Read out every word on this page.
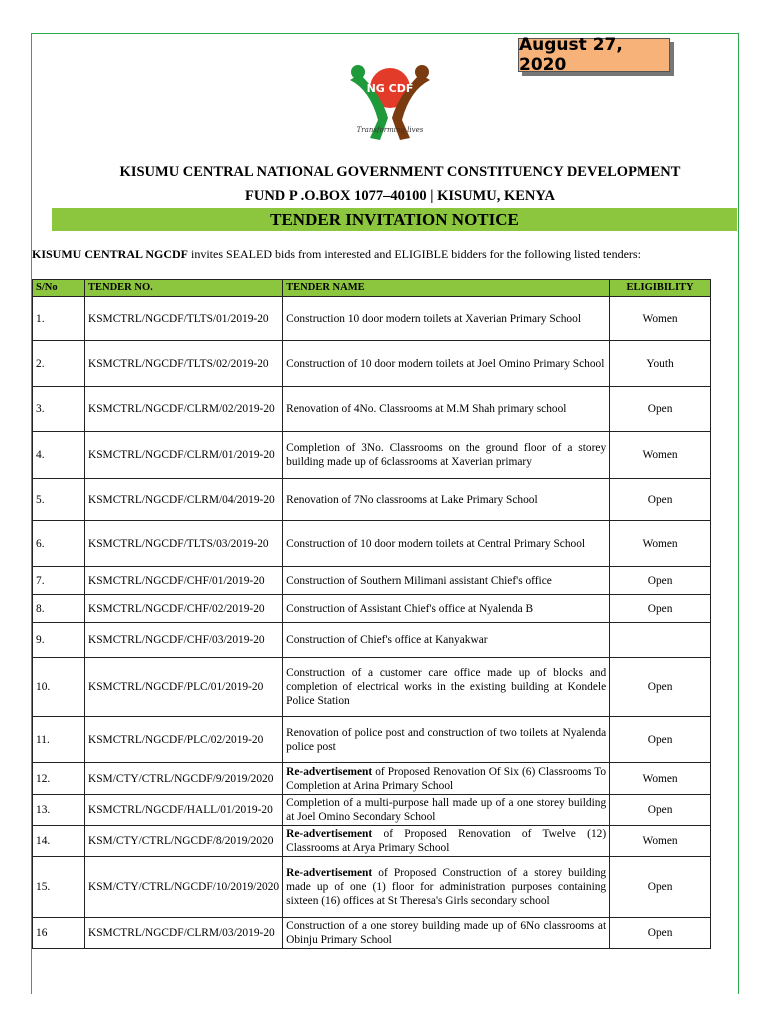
August 27, 2020
NG CDF
Transforming lives
KISUMU CENTRAL NATIONAL GOVERNMENT CONSTITUENCY DEVELOPMENT
FUND P .O.BOX 1077–40100 | KISUMU, KENYA
TENDER INVITATION NOTICE
KISUMU CENTRAL NGCDF invites SEALED bids from interested and ELIGIBLE bidders for the following listed tenders:
S/No	TENDER NO.	TENDER NAME	ELIGIBILITY
1.	KSMCTRL/NGCDF/TLTS/01/2019-20	Construction 10 door modern toilets at Xaverian Primary School	Women
2.	KSMCTRL/NGCDF/TLTS/02/2019-20	Construction of 10 door modern toilets at Joel Omino Primary School	Youth
3.	KSMCTRL/NGCDF/CLRM/02/2019-20	Renovation of 4No. Classrooms at M.M Shah primary school	Open
4.	KSMCTRL/NGCDF/CLRM/01/2019-20	Completion of 3No. Classrooms on the ground floor of a storey building made up of 6classrooms at Xaverian primary	Women
5.	KSMCTRL/NGCDF/CLRM/04/2019-20	Renovation of 7No classrooms at Lake Primary School	Open
6.	KSMCTRL/NGCDF/TLTS/03/2019-20	Construction of 10 door modern toilets at Central Primary School	Women
7.	KSMCTRL/NGCDF/CHF/01/2019-20	Construction of Southern Milimani assistant Chief's office	Open
8.	KSMCTRL/NGCDF/CHF/02/2019-20	Construction of Assistant Chief's office at Nyalenda B	Open
9.	KSMCTRL/NGCDF/CHF/03/2019-20	Construction of Chief's office at Kanyakwar	
10.	KSMCTRL/NGCDF/PLC/01/2019-20	Construction of a customer care office made up of blocks and completion of electrical works in the existing building at Kondele Police Station	Open
11.	KSMCTRL/NGCDF/PLC/02/2019-20	Renovation of police post and construction of two toilets at Nyalenda police post	Open
12.	KSM/CTY/CTRL/NGCDF/9/2019/2020	Re-advertisement of Proposed Renovation Of Six (6) Classrooms To Completion at Arina Primary School	Women
13.	KSMCTRL/NGCDF/HALL/01/2019-20	Completion of a multi-purpose hall made up of a one storey building at Joel Omino Secondary School	Open
14.	KSM/CTY/CTRL/NGCDF/8/2019/2020	Re-advertisement of Proposed Renovation of Twelve (12) Classrooms at Arya Primary School	Women
15.	KSM/CTY/CTRL/NGCDF/10/2019/2020	Re-advertisement of Proposed Construction of a storey building made up of one (1) floor for administration purposes containing sixteen (16) offices at St Theresa's Girls secondary school	Open
16	KSMCTRL/NGCDF/CLRM/03/2019-20	Construction of a one storey building made up of 6No classrooms at Obinju Primary School	Open
